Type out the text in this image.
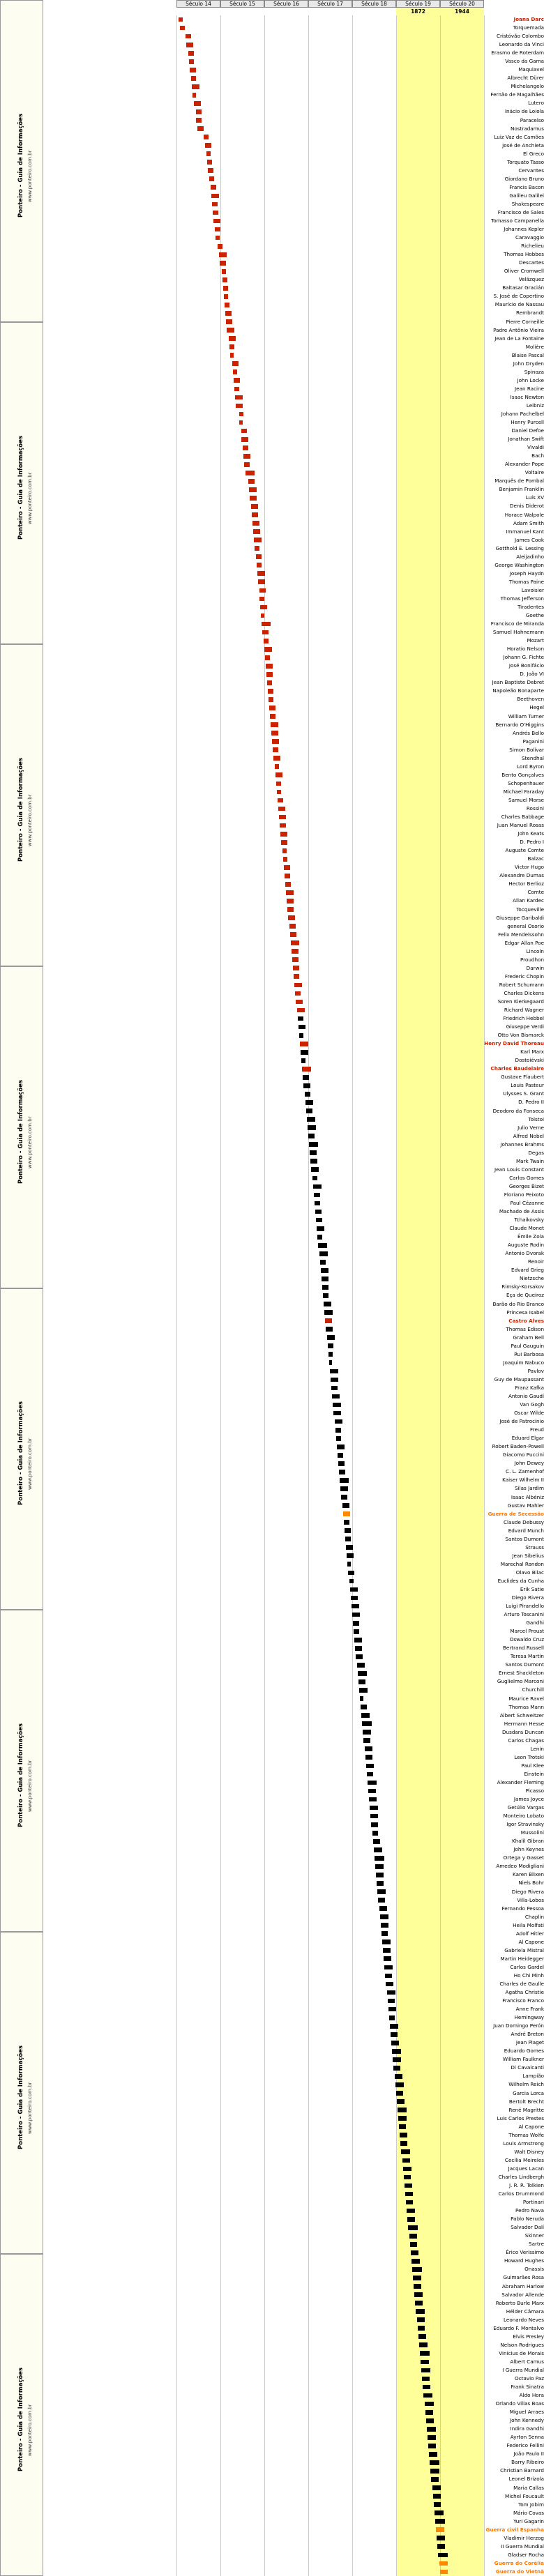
Século 14	Século 15	Século 16	Século 17	Século 18	Século 19	Século 20
1872	1944
Joana Darc
Torquemada
Cristóvão Colombo
Leonardo da Vinci
Erasmo de Roterdam
Vasco da Gama
Maquiavel
Albrecht Dürer
Michelangelo
Fernão de Magalhães
Lutero
Inácio de Loiola
Paracelso
Nostradamus
Luiz Vaz de Camões
José de Anchieta
El Greco
Torquato Tasso
Cervantes
Giordano Bruno
Francis Bacon
Galileu Galilei
Shakespeare
Francisco de Sales
Tomasso Campanella
Johannes Kepler
Caravaggio
Richelieu
Thomas Hobbes
Descartes
Oliver Cromwell
Velázquez
Baltasar Gracián
S. José de Copertino
Maurício de Nassau
Rembrandt
Pierre Corneille
Padre Antônio Vieira
Jean de La Fontaine
Molière
Blaise Pascal
John Dryden
Spinoza
John Locke
Jean Racine
Isaac Newton
Leibniz
Johann Pachelbel
Henry Purcell
Daniel Defoe
Jonathan Swift
Vivaldi
Bach
Alexander Pope
Voltaire
Marquês de Pombal
Benjamin Franklin
Luís XV
Denis Diderot
Horace Walpole
Adam Smith
Immanuel Kant
James Cook
Gotthold E. Lessing
Aleijadinho
George Washington
Joseph Haydn
Thomas Paine
Lavoisier
Thomas Jefferson
Tiradentes
Goethe
Francisco de Miranda
Samuel Hahnemann
Mozart
Horatio Nelson
Johann G. Fichte
José Bonifácio
D. João VI
Jean Baptiste Debret
Napoleão Bonaparte
Beethoven
Hegel
William Turner
Bernardo O'Higgins
Andrés Bello
Paganini
Simon Bolívar
Stendhal
Lord Byron
Bento Gonçalves
Schopenhauer
Michael Faraday
Samuel Morse
Rossini
Charles Babbage
Juan Manuel Rosas
John Keats
D. Pedro I
Auguste Comte
Balzac
Victor Hugo
Alexandre Dumas
Hector Berlioz
Comte
Allan Kardec
Tocqueville
Giuseppe Garibaldi
general Osorio
Felix Mendelssohn
Edgar Allan Poe
Lincoln
Proudhon
Darwin
Frederic Chopin
Robert Schumann
Charles Dickens
Soren Kierkegaard
Richard Wagner
Friedrich Hebbel
Giuseppe Verdi
Otto Von Bismarck
Henry David Thoreau
Karl Marx
Dostoiévski
Charles Baudelaire
Gustave Flaubert
Louis Pasteur
Ulysses S. Grant
D. Pedro II
Deodoro da Fonseca
Tolstoi
Julio Verne
Alfred Nobel
Johannes Brahms
Degas
Mark Twain
Jean Louis Constant
Carlos Gomes
Georges Bizet
Floriano Peixoto
Paul Cézanne
Machado de Assis
Tchaikovsky
Claude Monet
Émile Zola
Auguste Rodin
Antonio Dvorak
Renoir
Edvard Grieg
Nietzsche
Rimsky-Korsakov
Eça de Queiroz
Barão do Rio Branco
Princesa Isabel
Castro Alves
Thomas Edison
Graham Bell
Paul Gauguin
Rui Barbosa
Joaquim Nabuco
Pavlov
Guy de Maupassant
Franz Kafka
Antonio Gaudí
Van Gogh
Oscar Wilde
José de Patrocínio
Freud
Eduard Elgar
Robert Baden-Powell
Giacomo Puccini
John Dewey
C. L. Zamenhof
Kaiser Wilhelm II
Silas Jardim
Isaac Albéniz
Gustav Mahler
Guerra de Secessão
Claude Debussy
Edvard Munch
Santos Dumont
Strauss
Jean Sibelius
Marechal Rondon
Olavo Bilac
Euclides da Cunha
Erik Satie
Diego Rivera
Luigi Pirandello
Arturo Toscanini
Gandhi
Marcel Proust
Oswaldo Cruz
Bertrand Russell
Teresa Martin
Santos Dumont
Ernest Shackleton
Guglielmo Marconi
Churchill
Maurice Ravel
Thomas Mann
Albert Schweitzer
Hermann Hesse
Dusdara Duncan
Carlos Chagas
Lenin
Leon Trotski
Paul Klee
Einstein
Alexander Fleming
Picasso
James Joyce
Getúlio Vargas
Monteiro Lobato
Igor Stravinsky
Mussolini
Khalil Gibran
John Keynes
Ortega y Gasset
Amedeo Modigliani
Karen Blixen
Niels Bohr
Diego Rivera
Villa-Lobos
Fernando Pessoa
Chaplin
Heila Molfati
Adolf Hitler
Al Capone
Gabriela Mistral
Martin Heidegger
Carlos Gardel
Ho Chi Minh
Charles de Gaulle
Agatha Christie
Francisco Franco
Anne Frank
Hemingway
Juan Domingo Perón
André Breton
Jean Piaget
Eduardo Gomes
William Faulkner
Di Cavalcanti
Lampião
Wilhelm Reich
Garcia Lorca
Bertolt Brecht
René Magritte
Luis Carlos Prestes
Al Capone
Thomas Wolfe
Louis Armstrong
Walt Disney
Cecília Meireles
Jacques Lacan
Charles Lindbergh
J. R. R. Tolkien
Carlos Drummond
Portinari
Pedro Nava
Pablo Neruda
Salvador Dalí
Skinner
Sartre
Érico Veríssimo
Howard Hughes
Onassis
Guimarães Rosa
Abraham Harlow
Salvador Allende
Roberto Burle Marx
Hélder Câmara
Leonardo Neves
Eduardo F. Montalvo
Elvis Presley
Nelson Rodrigues
Vinícius de Morais
Albert Camus
I Guerra Mundial
Octavio Paz
Frank Sinatra
Aldo Hora
Orlando Villas Boas
Miguel Arraes
John Kennedy
Indira Gandhi
Ayrton Senna
Federico Fellini
João Paulo II
Barry Ribeiro
Christian Barnard
Leonel Brizola
Maria Callas
Michel Foucault
Tom Jobim
Mário Covas
Yuri Gagarin
Guerra civil Espanha
Vladimir Herzog
II Guerra Mundial
Gladser Rocha
Guerra do Corélia
Guerra do Vietnã
Ponteiro - Guia de Informações www.ponteiro.com.br
Ponteiro - Guia de Informações www.ponteiro.com.br
Ponteiro - Guia de Informações www.ponteiro.com.br
Ponteiro - Guia de Informações www.ponteiro.com.br
Ponteiro - Guia de Informações www.ponteiro.com.br
Ponteiro - Guia de Informações www.ponteiro.com.br
Ponteiro - Guia de Informações www.ponteiro.com.br
Ponteiro - Guia de Informações www.ponteiro.com.br
